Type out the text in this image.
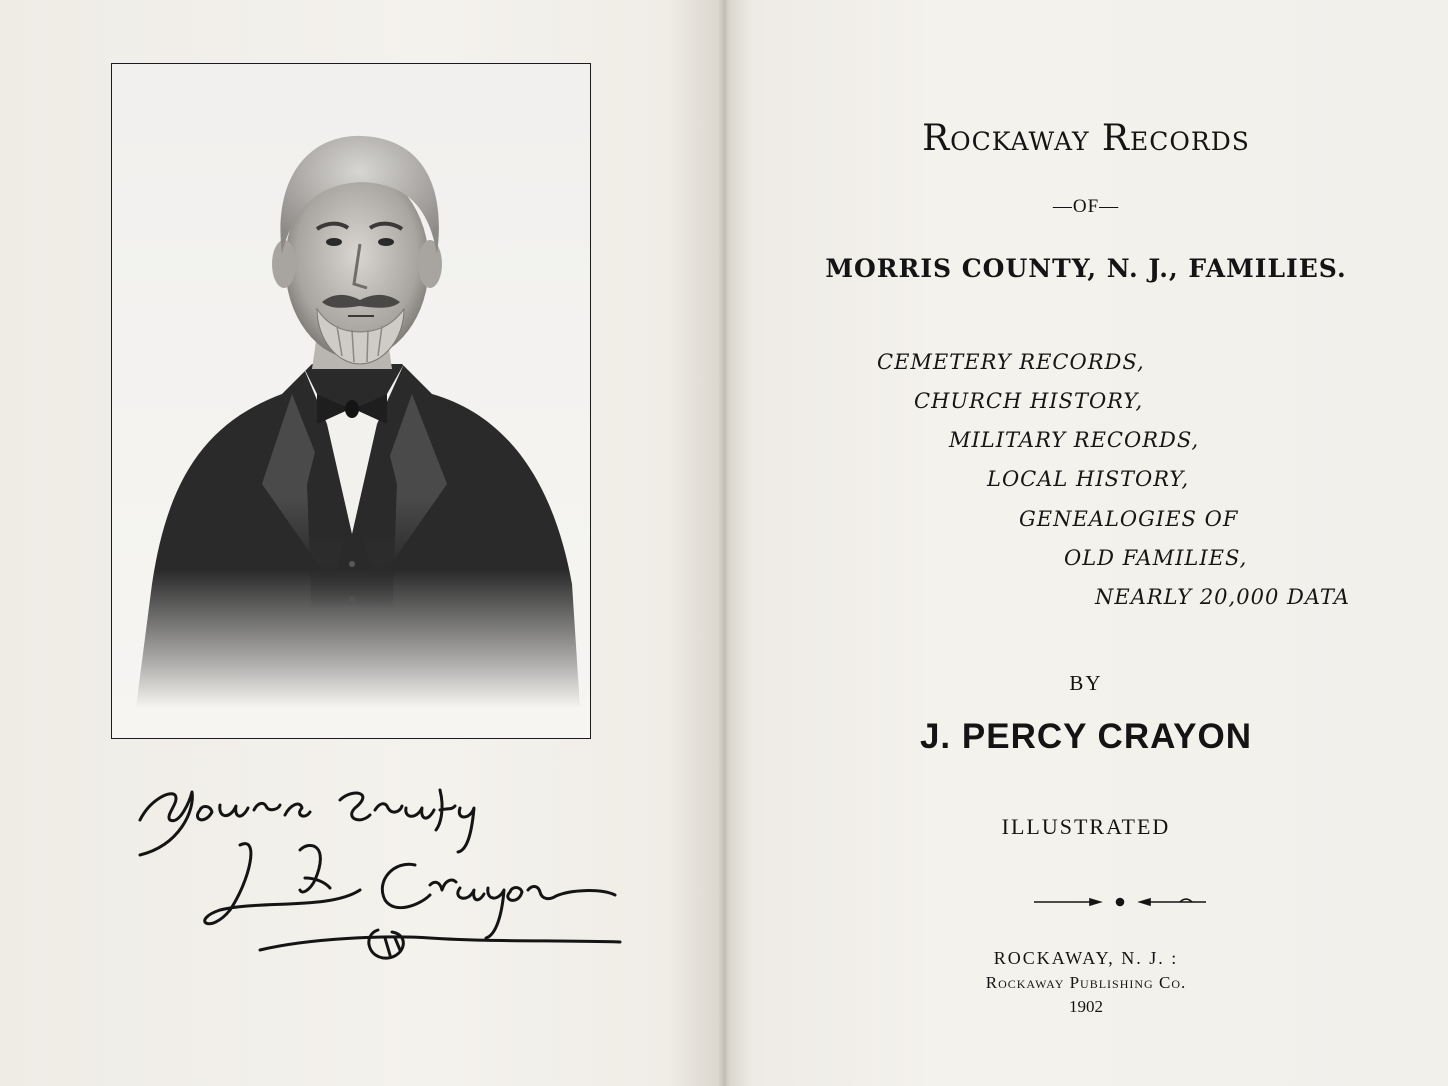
Rockaway Records
—OF—
MORRIS COUNTY, N. J., FAMILIES.
CEMETERY RECORDS,
CHURCH HISTORY,
MILITARY RECORDS,
LOCAL HISTORY,
GENEALOGIES OF
OLD FAMILIES,
NEARLY 20,000 DATA
BY
J. PERCY CRAYON
ILLUSTRATED
ROCKAWAY, N. J. :
Rockaway Publishing Co.
1902
